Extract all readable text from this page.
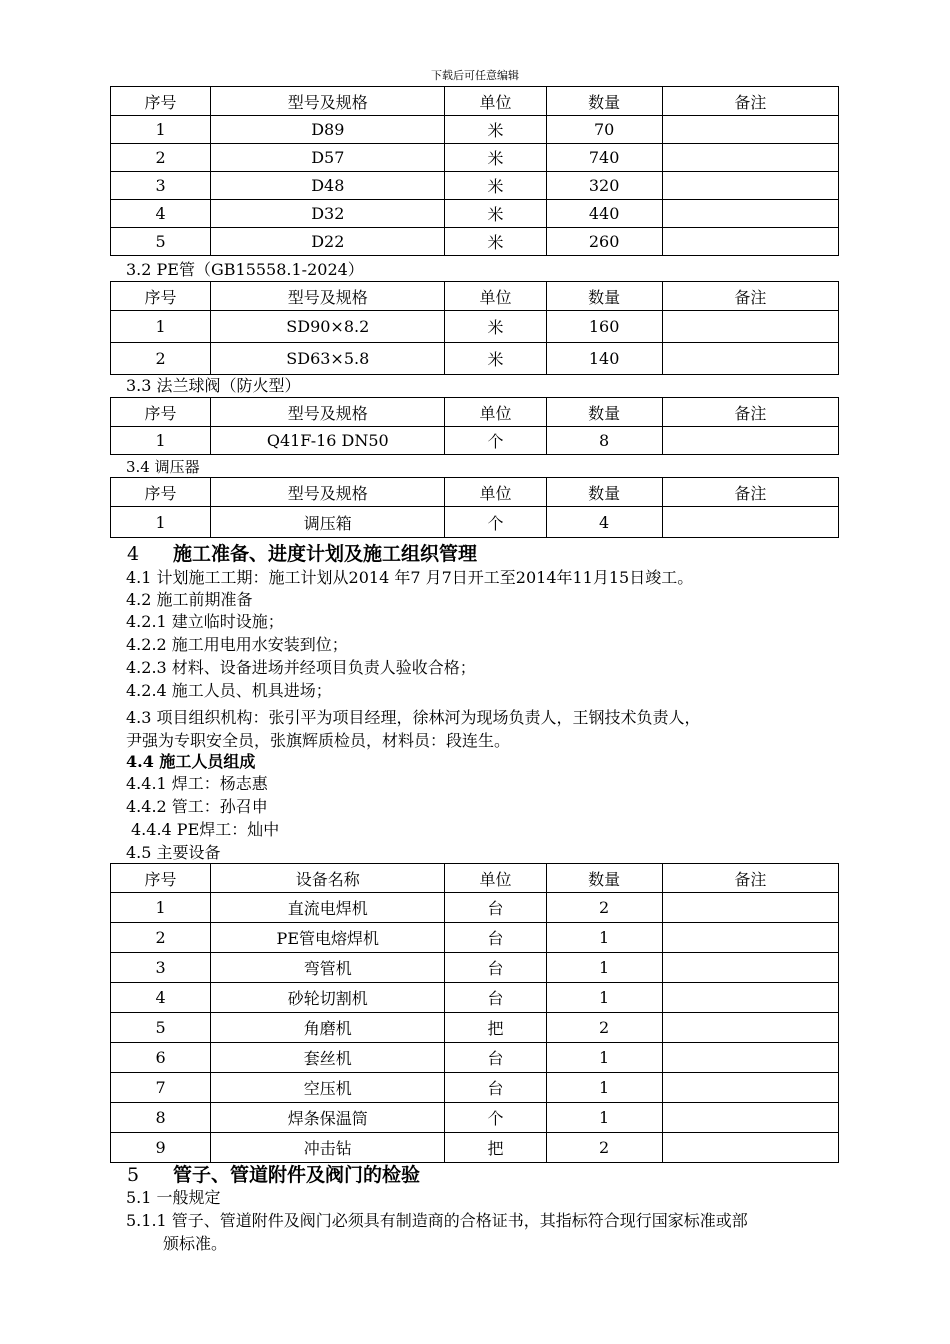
下载后可任意编辑
序号	型号及规格	单位	数量	备注
1	D89	米	70	
2	D57	米	740	
3	D48	米	320	
4	D32	米	440	
5	D22	米	260	
3.2 PE管（GB15558.1-2024）
序号	型号及规格	单位	数量	备注
1	SD90×8.2	米	160	
2	SD63×5.8	米	140	
3.3 法兰球阀（防火型）
序号	型号及规格	单位	数量	备注
1	Q41F-16 DN50	个	8	
3.4 调压器
序号	型号及规格	单位	数量	备注
1	调压箱	个	4	
4 施工准备、进度计划及施工组织管理
4.1 计划施工工期：施工计划从2014 年7 月7日开工至2014年11月15日竣工。
4.2 施工前期准备
4.2.1 建立临时设施；
4.2.2 施工用电用水安装到位；
4.2.3 材料、设备进场并经项目负责人验收合格；
4.2.4 施工人员、机具进场；
4.3 项目组织机构：张引平为项目经理，徐林河为现场负责人，王钢技术负责人，
尹强为专职安全员，张旗辉质检员，材料员：段连生。
4.4 施工人员组成
4.4.1 焊工：杨志惠
4.4.2 管工：孙召申
4.4.4 PE焊工：灿中
4.5 主要设备
序号	设备名称	单位	数量	备注
1	直流电焊机	台	2	
2	PE管电熔焊机	台	1	
3	弯管机	台	1	
4	砂轮切割机	台	1	
5	角磨机	把	2	
6	套丝机	台	1	
7	空压机	台	1	
8	焊条保温筒	个	1	
9	冲击钻	把	2	
5 管子、管道附件及阀门的检验
5.1 一般规定
5.1.1 管子、管道附件及阀门必须具有制造商的合格证书，其指标符合现行国家标准或部
颁标准。
